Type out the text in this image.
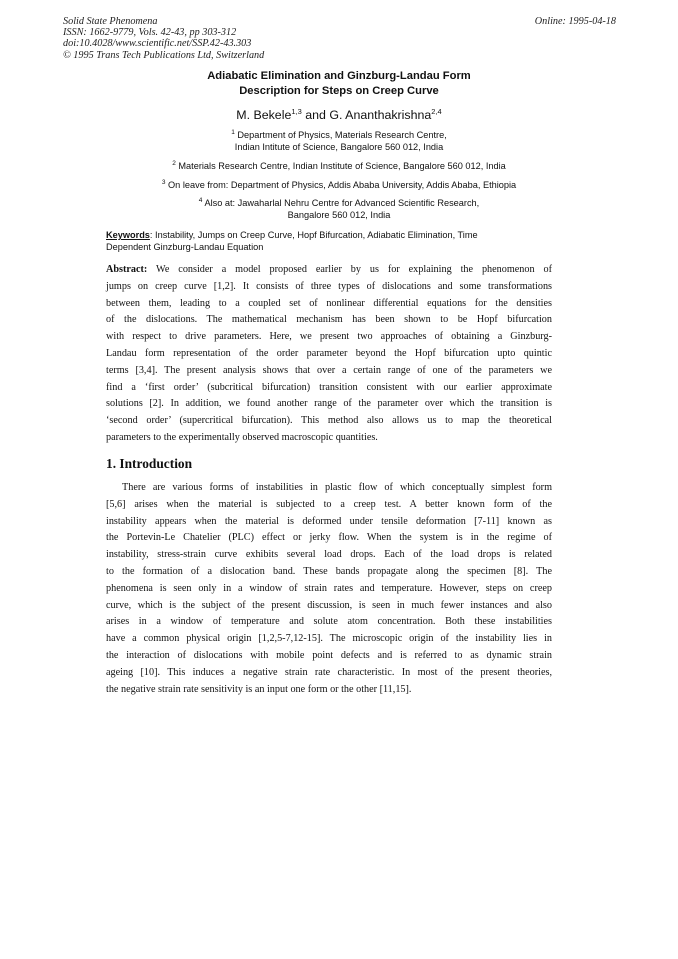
Solid State Phenomena
ISSN: 1662-9779, Vols. 42-43, pp 303-312
doi:10.4028/www.scientific.net/SSP.42-43.303
© 1995 Trans Tech Publications Ltd, Switzerland
Online: 1995-04-18
Adiabatic Elimination and Ginzburg-Landau Form
Description for Steps on Creep Curve
M. Bekele$^{1,3}$ and G. Ananthakrishna$^{2,4}$
$^1$ Department of Physics, Materials Research Centre,
Indian Intitute of Science, Bangalore 560 012, India
$^2$ Materials Research Centre, Indian Institute of Science, Bangalore 560 012, India
$^3$ On leave from: Department of Physics, Addis Ababa University, Addis Ababa, Ethiopia
$^4$ Also at: Jawaharlal Nehru Centre for Advanced Scientific Research,
Bangalore 560 012, India
Keywords: Instability, Jumps on Creep Curve, Hopf Bifurcation, Adiabatic Elimination, Time
Dependent Ginzburg-Landau Equation
Abstract: We consider a model proposed earlier by us for explaining the phenomenon of
jumps on creep curve [1,2]. It consists of three types of dislocations and some transformations
between them, leading to a coupled set of nonlinear differential equations for the densities
of the dislocations. The mathematical mechanism has been shown to be Hopf bifurcation
with respect to drive parameters. Here, we present two approaches of obtaining a Ginzburg-
Landau form representation of the order parameter beyond the Hopf bifurcation upto quintic
terms [3,4]. The present analysis shows that over a certain range of one of the parameters we
find a ‘first order’ (subcritical bifurcation) transition consistent with our earlier approximate
solutions [2]. In addition, we found another range of the parameter over which the transition is
‘second order’ (supercritical bifurcation). This method also allows us to map the theoretical
parameters to the experimentally observed macroscopic quantities.
1. Introduction
There are various forms of instabilities in plastic flow of which conceptually simplest form
[5,6] arises when the material is subjected to a creep test. A better known form of the
instability appears when the material is deformed under tensile deformation [7-11] known as
the Portevin-Le Chatelier (PLC) effect or jerky flow. When the system is in the regime of
instability, stress-strain curve exhibits several load drops. Each of the load drops is related
to the formation of a dislocation band. These bands propagate along the specimen [8]. The
phenomena is seen only in a window of strain rates and temperature. However, steps on creep
curve, which is the subject of the present discussion, is seen in much fewer instances and also
arises in a window of temperature and solute atom concentration. Both these instabilities
have a common physical origin [1,2,5-7,12-15]. The microscopic origin of the instability lies in
the interaction of dislocations with mobile point defects and is referred to as dynamic strain
ageing [10]. This induces a negative strain rate characteristic. In most of the present theories,
the negative strain rate sensitivity is an input one form or the other [11,15].
